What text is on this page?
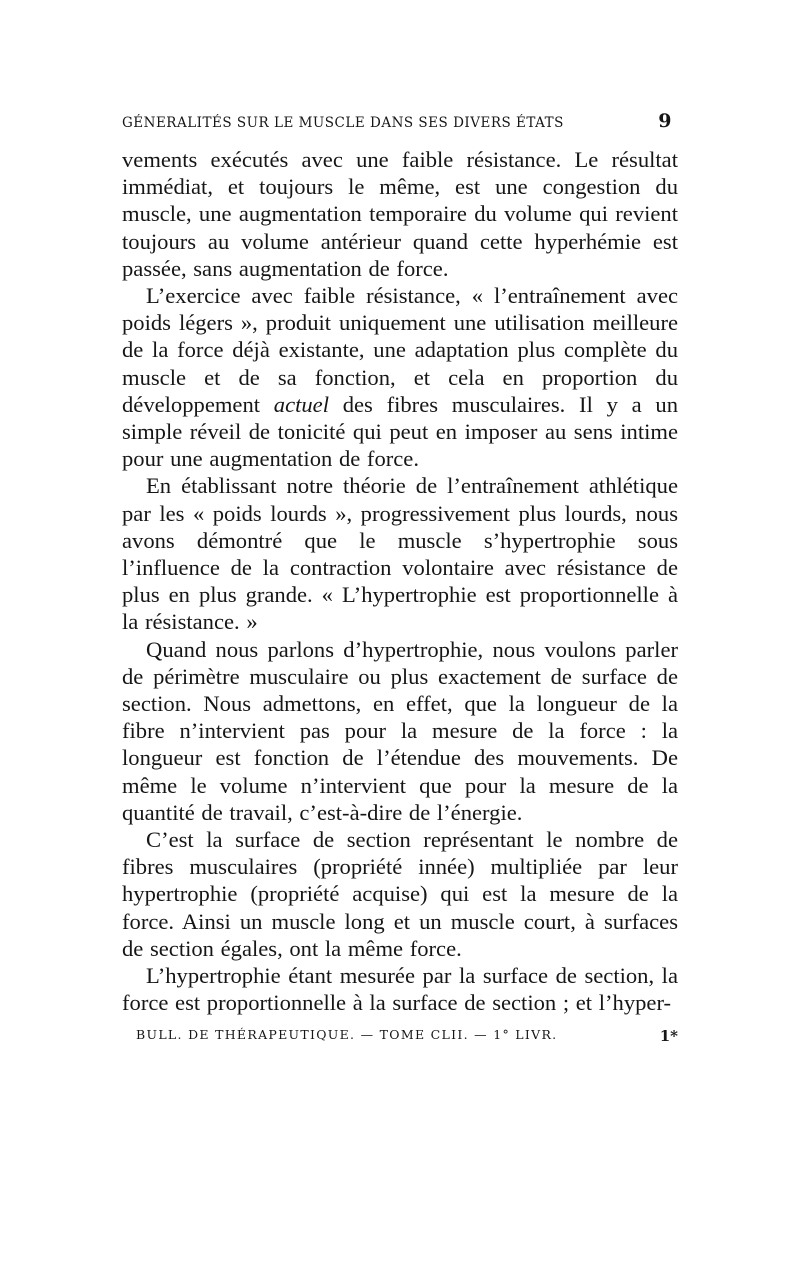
GÉNERALITÉS SUR LE MUSCLE DANS SES DIVERS ÉTATS	9

vements exécutés avec une faible résistance. Le résultat immédiat, et toujours le même, est une congestion du muscle, une augmentation temporaire du volume qui revient toujours au volume antérieur quand cette hyperhémie est passée, sans augmentation de force.

L’exercice avec faible résistance, « l’entraînement avec poids légers », produit uniquement une utilisation meilleure de la force déjà existante, une adaptation plus complète du muscle et de sa fonction, et cela en proportion du développement actuel des fibres musculaires. Il y a un simple réveil de tonicité qui peut en imposer au sens intime pour une augmentation de force.

En établissant notre théorie de l’entraînement athlétique par les « poids lourds », progressivement plus lourds, nous avons démontré que le muscle s’hypertrophie sous l’influence de la contraction volontaire avec résistance de plus en plus grande. « L’hypertrophie est proportionnelle à la résistance. »

Quand nous parlons d’hypertrophie, nous voulons parler de périmètre musculaire ou plus exactement de surface de section. Nous admettons, en effet, que la longueur de la fibre n’intervient pas pour la mesure de la force : la longueur est fonction de l’étendue des mouvements. De même le volume n’intervient que pour la mesure de la quantité de travail, c’est-à-dire de l’énergie.

C’est la surface de section représentant le nombre de fibres musculaires (propriété innée) multipliée par leur hypertrophie (propriété acquise) qui est la mesure de la force. Ainsi un muscle long et un muscle court, à surfaces de section égales, ont la même force.

L’hypertrophie étant mesurée par la surface de section, la force est proportionnelle à la surface de section ; et l’hyper-

BULL. DE THÉRAPEUTIQUE. — TOME CLII. — 1° LIVR.	1*
